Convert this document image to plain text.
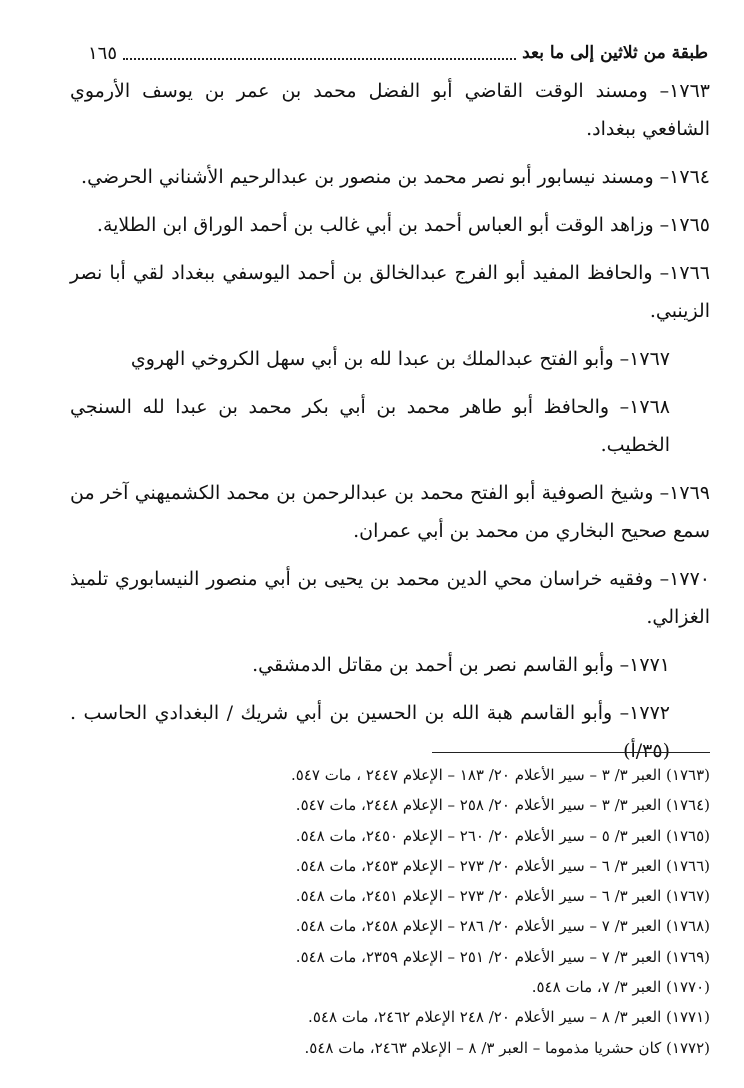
طبقة من ثلاثين إلى ما بعد
١٦٥

١٧٦٣– ومسند الوقت القاضي أبو الفضل محمد بن عمر بن يوسف الأرموي الشافعي ببغداد.

١٧٦٤– ومسند نيسابور أبو نصر محمد بن منصور بن عبدالرحيم الأشناني الحرضي.

١٧٦٥– وزاهد الوقت أبو العباس أحمد بن أبي غالب بن أحمد الوراق ابن الطلاية.

١٧٦٦– والحافظ المفيد أبو الفرج عبدالخالق بن أحمد اليوسفي ببغداد لقي أبا نصر الزينبي.

١٧٦٧– وأبو الفتح عبدالملك بن عبدا لله بن أبي سهل الكروخي الهروي

١٧٦٨– والحافظ أبو طاهر محمد بن أبي بكر محمد بن عبدا لله السنجي الخطيب.

١٧٦٩– وشيخ الصوفية أبو الفتح محمد بن عبدالرحمن بن محمد الكشميهني آخر من سمع صحيح البخاري من محمد بن أبي عمران.

١٧٧٠– وفقيه خراسان محي الدين محمد بن يحيى بن أبي منصور النيسابوري تلميذ الغزالي.

١٧٧١– وأبو القاسم نصر بن أحمد بن مقاتل الدمشقي.

١٧٧٢– وأبو القاسم هبة الله بن الحسين بن أبي شريك / البغدادي الحاسب . (٣٥/أ)

(١٧٦٣) العبر ٣/ ٣ – سير الأعلام ٢٠/ ١٨٣ – الإعلام ٢٤٤٧ ، مات ٥٤٧.
(١٧٦٤) العبر ٣/ ٣ – سير الأعلام ٢٠/ ٢٥٨ – الإعلام ٢٤٤٨، مات ٥٤٧.
(١٧٦٥) العبر ٣/ ٥ – سير الأعلام ٢٠/ ٢٦٠ – الإعلام ٢٤٥٠، مات ٥٤٨.
(١٧٦٦) العبر ٣/ ٦ – سير الأعلام ٢٠/ ٢٧٣ – الإعلام ٢٤٥٣، مات ٥٤٨.
(١٧٦٧) العبر ٣/ ٦ – سير الأعلام ٢٠/ ٢٧٣ – الإعلام ٢٤٥١، مات ٥٤٨.
(١٧٦٨) العبر ٣/ ٧ – سير الأعلام ٢٠/ ٢٨٦ – الإعلام ٢٤٥٨، مات ٥٤٨.
(١٧٦٩) العبر ٣/ ٧ – سير الأعلام ٢٠/ ٢٥١ – الإعلام ٢٣٥٩، مات ٥٤٨.
(١٧٧٠) العبر ٣/ ٧، مات ٥٤٨.
(١٧٧١) العبر ٣/ ٨ – سير الأعلام ٢٠/ ٢٤٨ الإعلام ٢٤٦٢، مات ٥٤٨.
(١٧٧٢) كان حشريا مذموما – العبر ٣/ ٨ – الإعلام ٢٤٦٣، مات ٥٤٨.
